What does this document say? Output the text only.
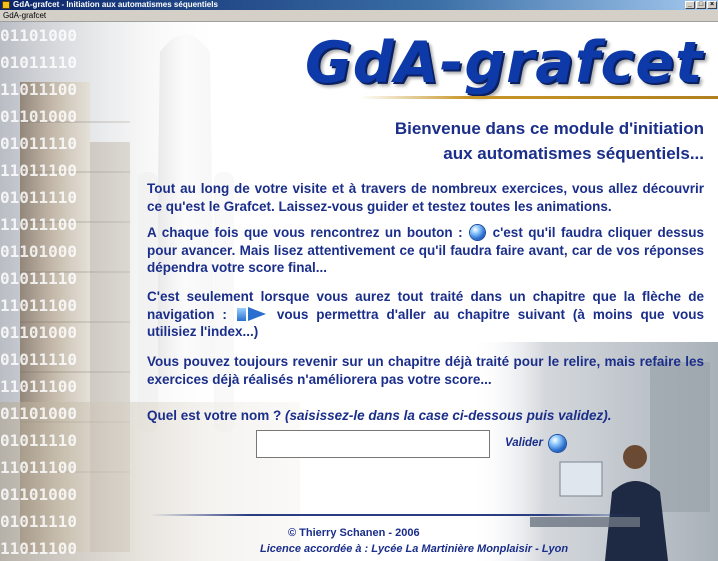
GdA-grafcet - Initiation aux automatismes séquentiels	_ □ ×
GdA-grafcet
01101000
01011110
11011100
01101000
01011110
11011100
01011110
11011100
01101000
01011110
11011100
01101000
01011110
11011100
01101000
01011110
11011100
01101000
01011110
11011100
GdA-grafcet
Bienvenue dans ce module d'initiation
aux automatismes séquentiels...
Tout au long de votre visite et à travers de nombreux exercices, vous allez découvrir ce qu'est le Grafcet. Laissez-vous guider et testez toutes les animations.
A chaque fois que vous rencontrez un bouton : c'est qu'il faudra cliquer dessus pour avancer. Mais lisez attentivement ce qu'il faudra faire avant, car de vos réponses dépendra votre score final...
C'est seulement lorsque vous aurez tout traité dans un chapitre que la flèche de navigation :	vous permettra d'aller au chapitre suivant (à moins que vous utilisiez l'index...)
Vous pouvez toujours revenir sur un chapitre déjà traité pour le relire, mais refaire les exercices déjà réalisés n'améliorera pas votre score...
Quel est votre nom ? (saisissez-le dans la case ci-dessous puis validez).
Valider
© Thierry Schanen - 2006
Licence accordée à : Lycée La Martinière Monplaisir - Lyon
